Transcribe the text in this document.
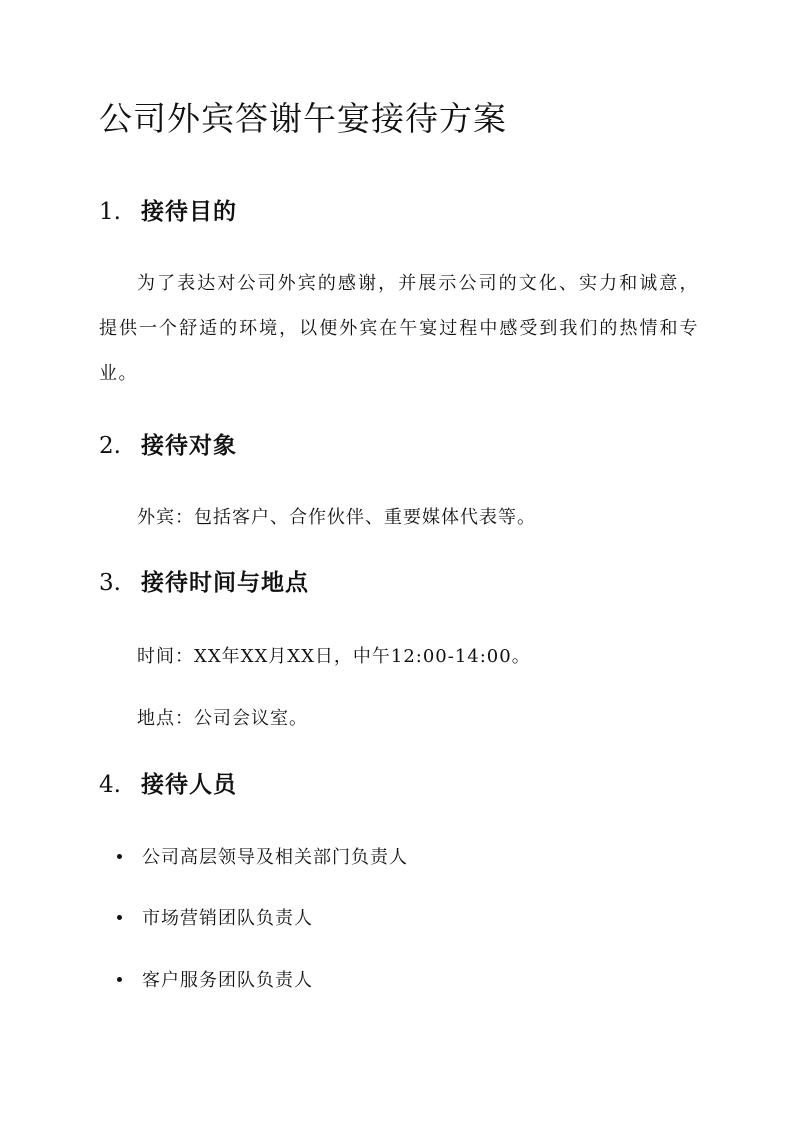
公司外宾答谢午宴接待方案
1. 接待目的

为了表达对公司外宾的感谢，并展示公司的文化、实力和诚意，提供一个舒适的环境，以便外宾在午宴过程中感受到我们的热情和专业。

2. 接待对象

外宾：包括客户、合作伙伴、重要媒体代表等。

3. 接待时间与地点

时间：XX年XX月XX日，中午12:00-14:00。

地点：公司会议室。

4. 接待人员
公司高层领导及相关部门负责人
市场营销团队负责人
客户服务团队负责人
